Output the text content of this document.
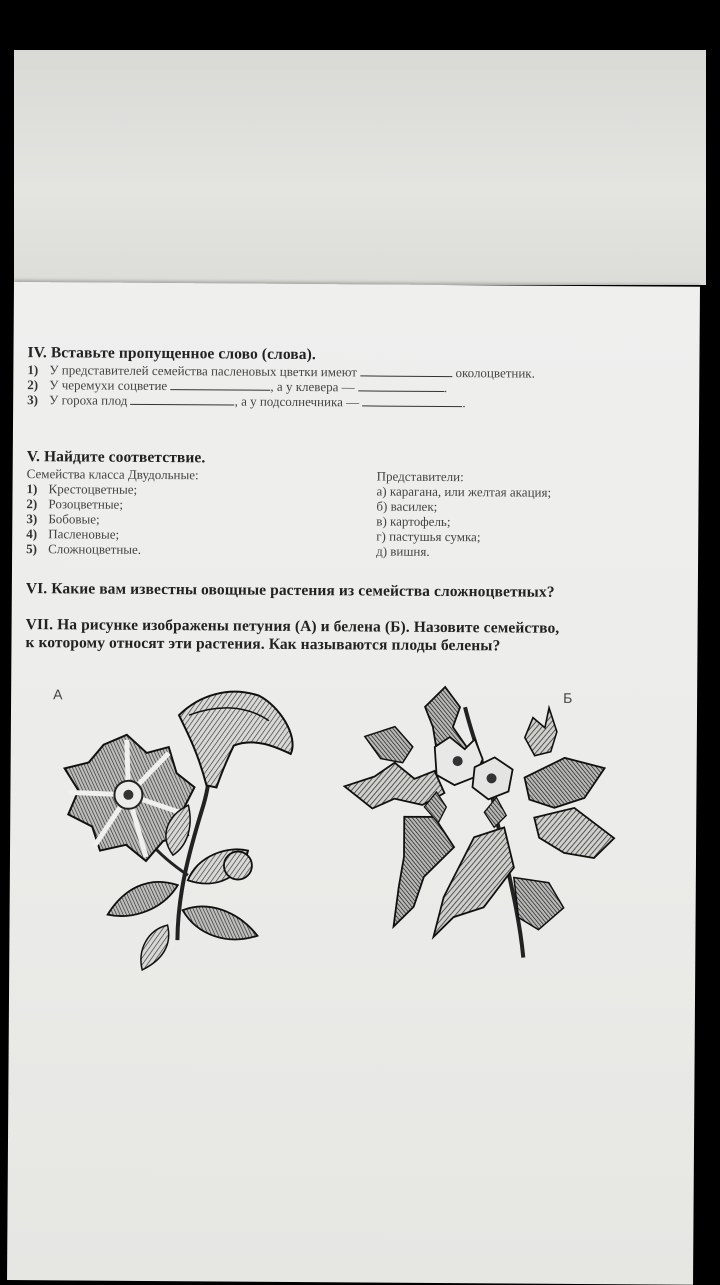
IV. Вставьте пропущенное слово (слова).

1) У представителей семейства пасленовых цветки имеют	околоцветник.
2) У черемухи соцветие	, а у клевера —	.
3) У гороха плод	, а у подсолнечника —	.

V. Найдите соответствие.

Семейства класса Двудольные:
1) Крестоцветные;
2) Розоцветные;
3) Бобовые;
4) Пасленовые;
5) Сложноцветные.
Представители:
а) карагана, или желтая акация;
б) василек;
в) картофель;
г) пастушья сумка;
д) вишня.

VI. Какие вам известны овощные растения из семейства сложноцветных?

VII. На рисунке изображены петуния (А) и белена (Б). Назовите семейство,

к которому относят эти растения. Как называются плоды белены?

А	Б
